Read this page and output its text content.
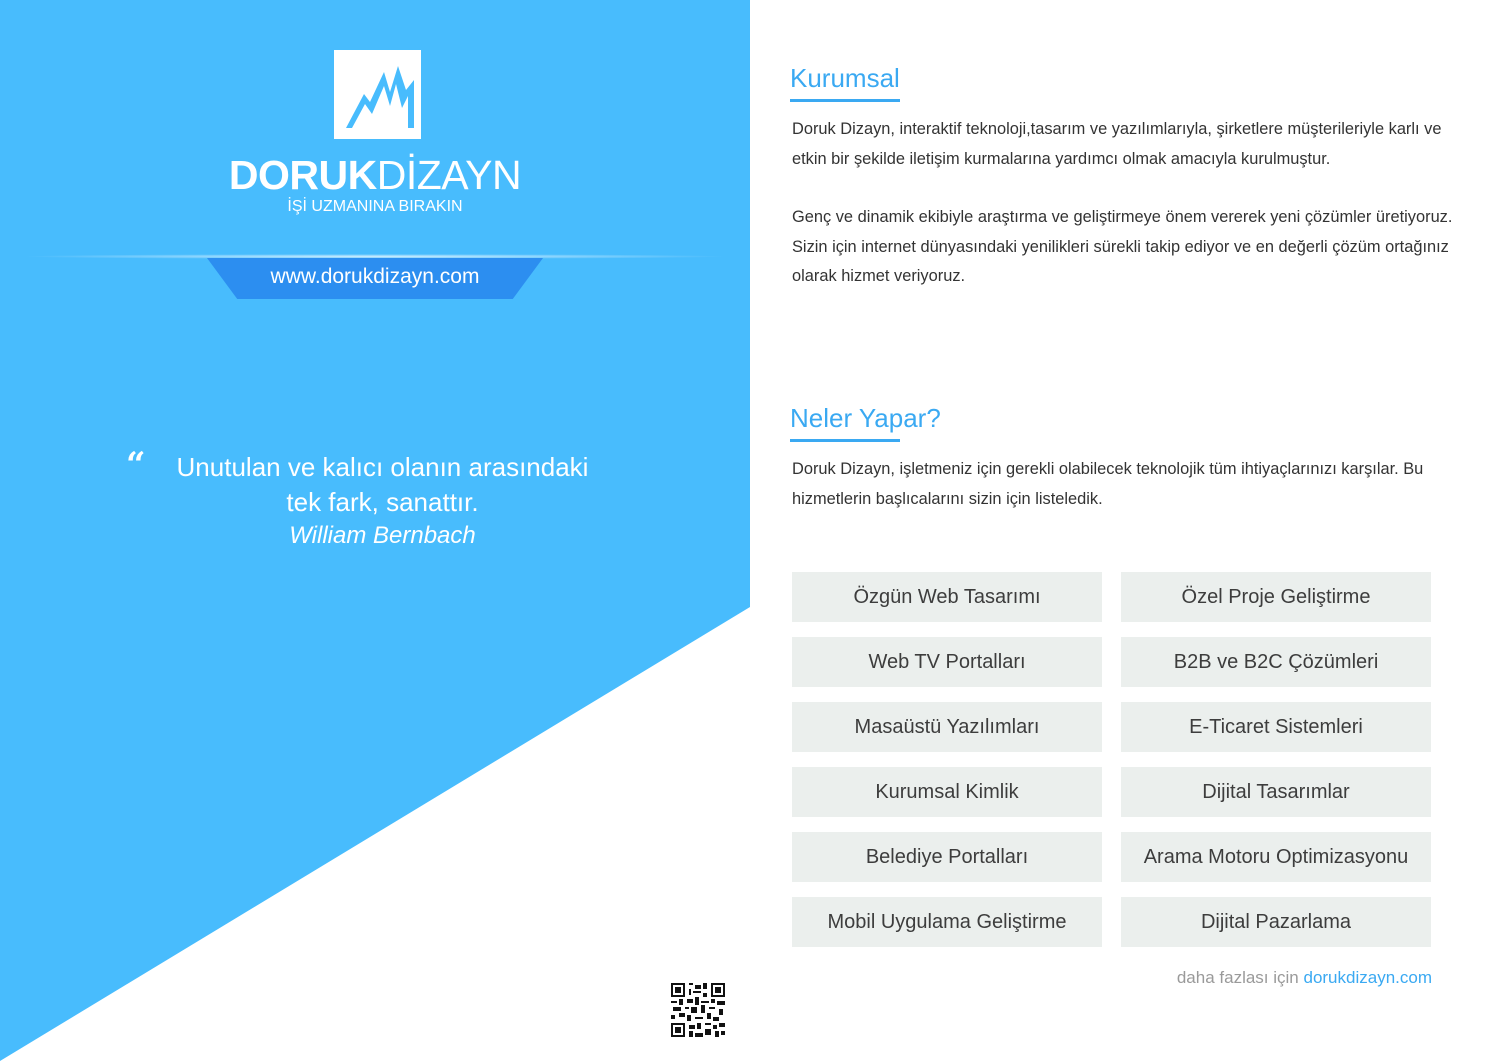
DORUKDİZAYN
İŞİ UZMANINA BIRAKIN
www.dorukdizayn.com
“	Unutulan ve kalıcı olanın arasındaki
tek fark, sanattır.
William Bernbach
Kurumsal

Doruk Dizayn, interaktif teknoloji,tasarım ve yazılımlarıyla, şirketlere müşterileriyle karlı ve etkin bir şekilde iletişim kurmalarına yardımcı olmak amacıyla kurulmuştur.

Genç ve dinamik ekibiyle araştırma ve geliştirmeye önem vererek yeni çözümler üretiyoruz. Sizin için internet dünyasındaki yenilikleri sürekli takip ediyor ve en değerli çözüm ortağınız olarak hizmet veriyoruz.

Neler Yapar?

Doruk Dizayn, işletmeniz için gerekli olabilecek teknolojik tüm ihtiyaçlarınızı karşılar. Bu hizmetlerin başlıcalarını sizin için listeledik.

Özgün Web Tasarımı	Özel Proje Geliştirme
Web TV Portalları	B2B ve B2C Çözümleri
Masaüstü Yazılımları	E-Ticaret Sistemleri
Kurumsal Kimlik	Dijital Tasarımlar
Belediye Portalları	Arama Motoru Optimizasyonu
Mobil Uygulama Geliştirme	Dijital Pazarlama
daha fazlası için dorukdizayn.com
